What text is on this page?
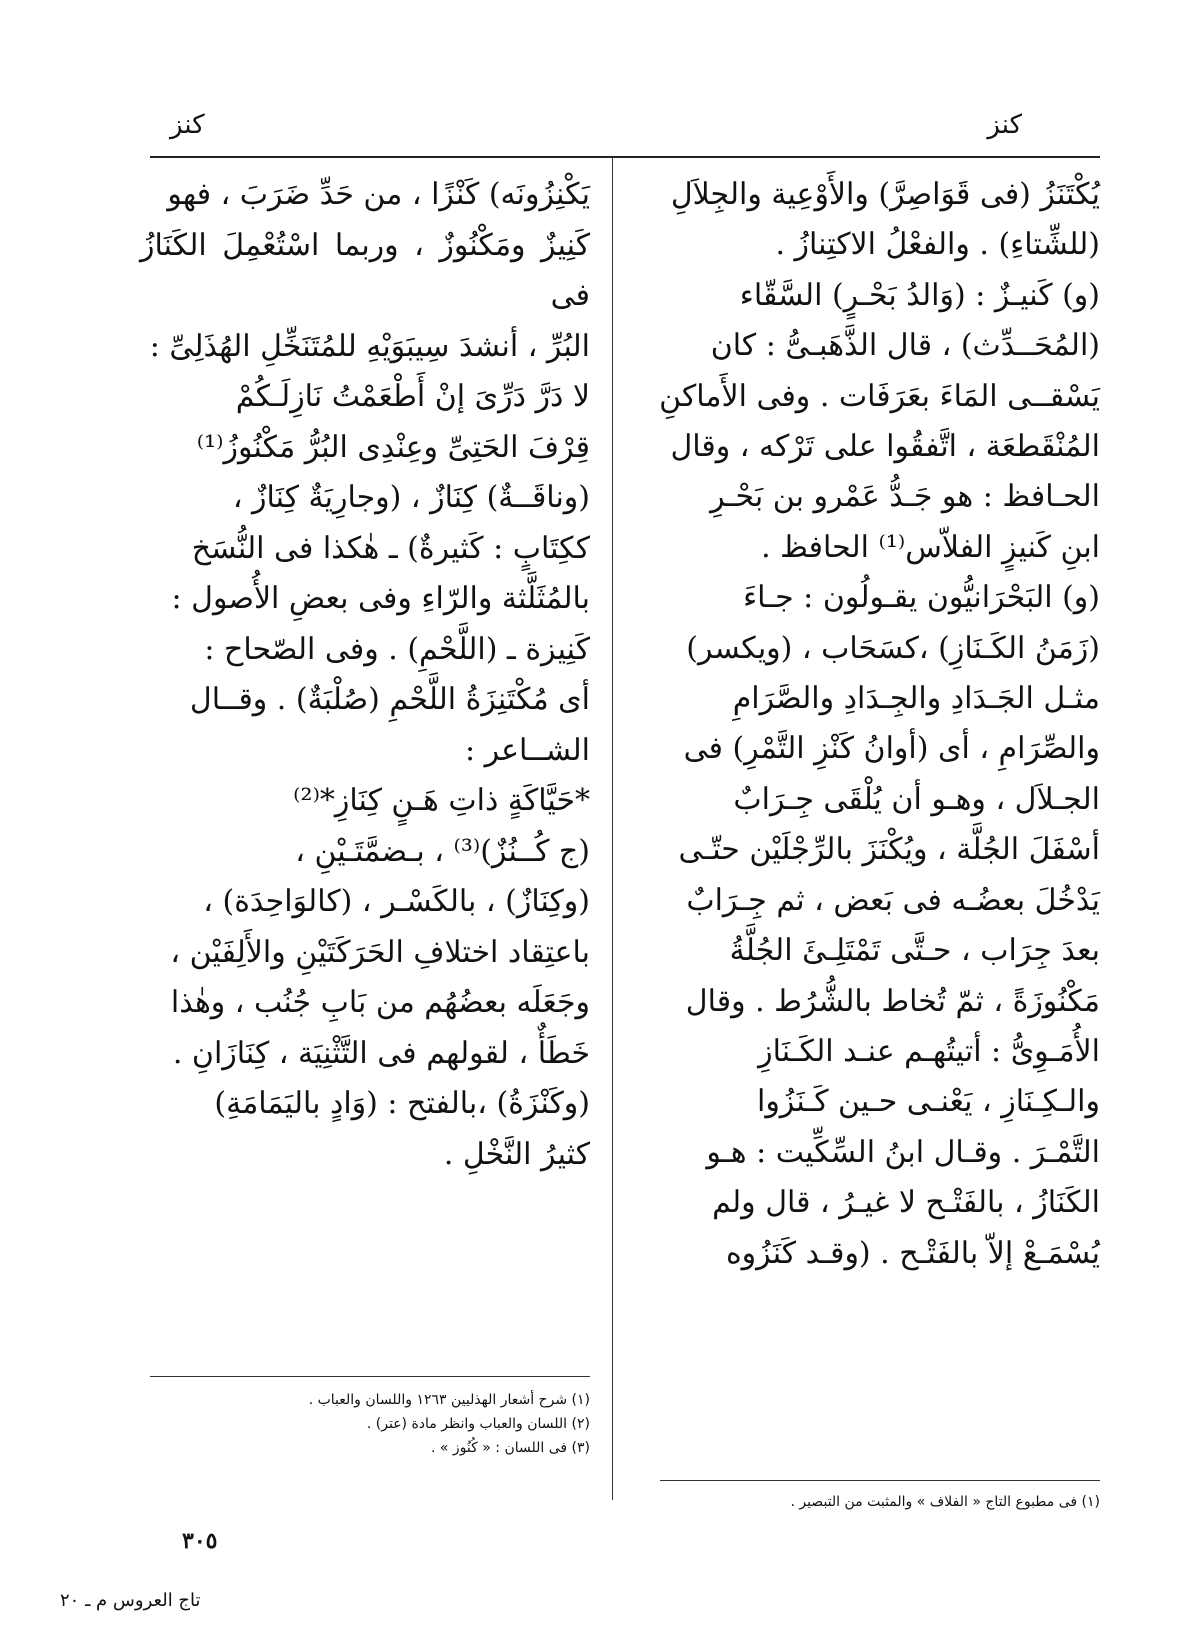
كنز
كنز

يُكْتَنَزُ (فى قَوَاصِرَّ) والأَوْعِية والجِلاَلِ
(للشِّتاءِ) . والفعْلُ الاكتِنازُ .
(و) كَنيـزٌ : (وَالدُ بَحْـرٍ) السَّقّاء
(المُحَــدِّث) ، قال الذَّهَبـىُّ : كان
يَسْقــى المَاءَ بعَرَفَات . وفى الأَماكنِ
المُنْقَطعَة ، اتَّفقُوا على تَرْكه ، وقال
الحـافظ : هو جَـدُّ عَمْرو بن بَحْـرِ
ابنِ كَنيزٍ الفلاّس⁽¹⁾ الحافظ .
(و) البَحْرَانيُّون يقـولُون : جـاءَ
(زَمَنُ الكَـنَازِ) ،كسَحَاب ، (ويكسر)
مثـل الجَـدَادِ والجِـدَادِ والصَّرَامِ
والصِّرَامِ ، أى (أوانُ كَنْزِ التَّمْرِ) فى
الجـلاَل ، وهـو أن يُلْقَى جِـرَابٌ
أسْفَلَ الجُلَّة ، ويُكْنَزَ بالرِّجْلَيْن حتّـى
يَدْخُلَ بعضُـه فى بَعض ، ثم جِـرَابٌ
بعدَ جِرَاب ، حـتَّى تَمْتَلِـئَ الجُلَّةُ
مَكْنُوزَةً ، ثمّ تُخاط بالشُّرُط . وقال
الأُمَـوِىُّ : أتيتُهـم عنـد الكَـنَازِ
والـكِـنَازِ ، يَعْنـى حـين كَـنَزُوا
التَّمْـرَ . وقـال ابنُ السِّكِّيت : هـو
الكَنَازُ ، بالفَتْـح لا غيـرُ ، قال ولم
يُسْمَـعْ إلاّ بالفَتْـح . (وقـد كَنَزُوه

يَكْنِزُونَه) كَنْزًا ، من حَدِّ ضَرَبَ ، فهو
كَنِيزٌ ومَكْنُوزٌ ، وربما اسْتُعْمِلَ الكَنَازُ فى
البُرِّ ، أنشدَ سِيبَوَيْهِ للمُتَنَخِّلِ الهُذَلِىِّ :
لا دَرَّ دَرِّىَ إنْ أَطْعَمْتُ نَازِلَـكُمْ
قِرْفَ الحَتِىِّ وعِنْدِى البُرُّ مَكْنُوزُ⁽¹⁾
(وناقَــةٌ) كِنَازٌ ، (وجارِيَةٌ كِنَازٌ ،
ككِتَابٍ : كَثيرةٌ) ـ هٰكذا فى النُّسَخ
بالمُثَلَّثة والرّاءِ وفى بعضِ الأُصول :
كَنِيزة ـ (اللَّحْمِ) . وفى الصّحاح :
أى مُكْتَنِزَةُ اللَّحْمِ (صُلْبَةٌ) . وقــال
الشــاعر :
*حَيَّاكَةٍ ذاتِ هَـنٍ كِنَازِ*⁽²⁾
(ج كُــنُزٌ)⁽³⁾ ، بـضمَّتَـيْنِ ،
(وكِنَازٌ) ، بالكَسْـر ، (كالوَاحِدَة) ،
باعتِقاد اختلافِ الحَرَكَتَيْنِ والأَلِفَيْن ،
وجَعَلَه بعضُهُم من بَابِ جُنُب ، وهٰذا
خَطَأٌ ، لقولهم فى التَّثْنِيَة ، كِنَازَانِ .
(وكَنْزَةُ) ،بالفتح : (وَادٍ باليَمَامَةِ)
كثيرُ النَّخْلِ .

(١) فى مطبوع التاج « الفلاف » والمثبت من التبصير .
(١) شرح أشعار الهذليين ١٢٦٣ واللسان والعباب .
(٢) اللسان والعباب وانظر مادة (عتر) .
(٣) فى اللسان : « كُنُوز » .
٣٠٥
تاج العروس م ـ ٢٠
